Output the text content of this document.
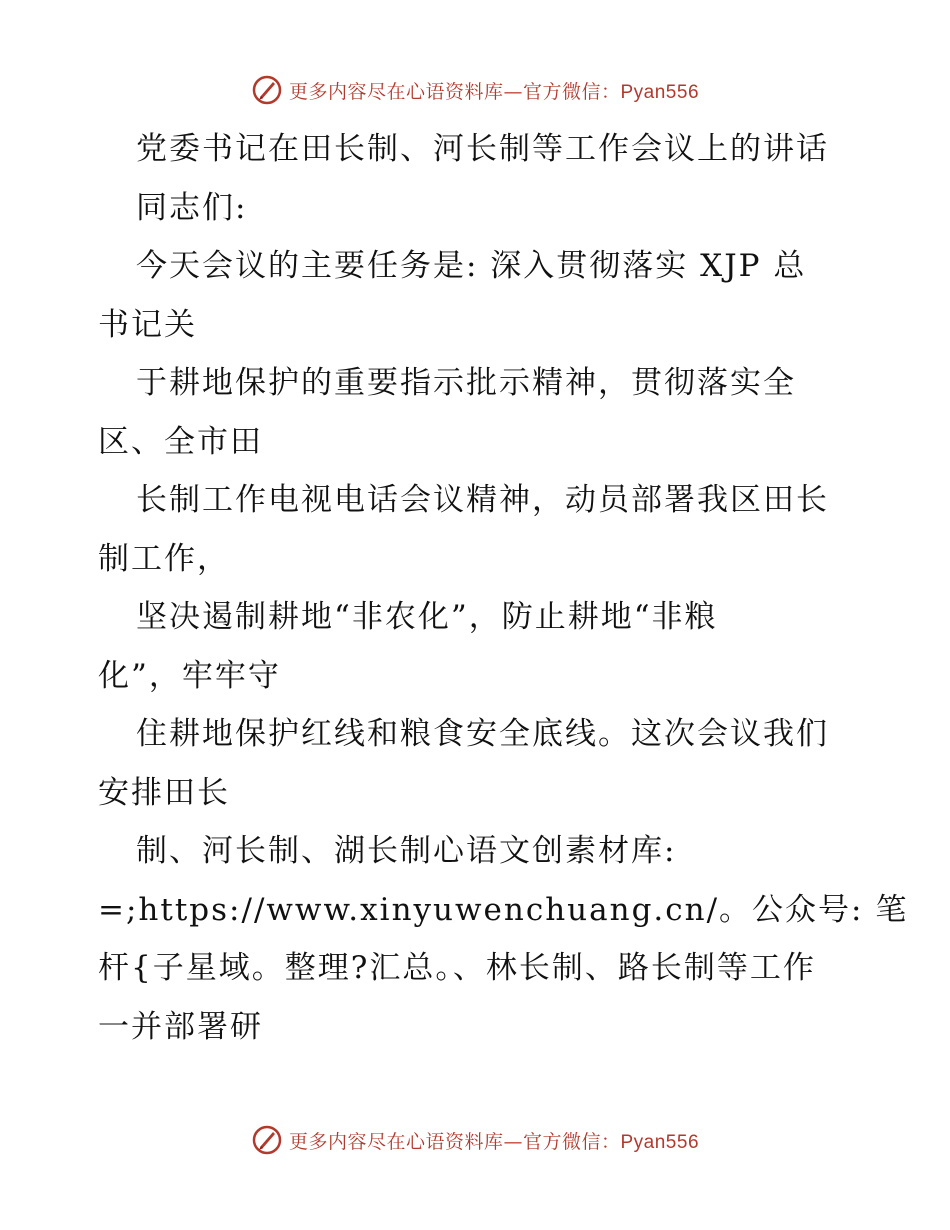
更多内容尽在心语资料库—官方微信：Pyan556
党委书记在田长制、河长制等工作会议上的讲话
同志们:
今天会议的主要任务是: 深入贯彻落实 XJP 总
书记关
于耕地保护的重要指示批示精神，贯彻落实全
区、全市田
长制工作电视电话会议精神，动员部署我区田长
制工作，
坚决遏制耕地“非农化”，防止耕地“非粮
化”，牢牢守
住耕地保护红线和粮食安全底线。这次会议我们
安排田长
制、河长制、湖长制心语文创素材库:
=;https://www.xinyuwenchuang.cn/。公众号: 笔
杆{子星域。整理?汇总。、林长制、路长制等工作
一并部署研
更多内容尽在心语资料库—官方微信：Pyan556
